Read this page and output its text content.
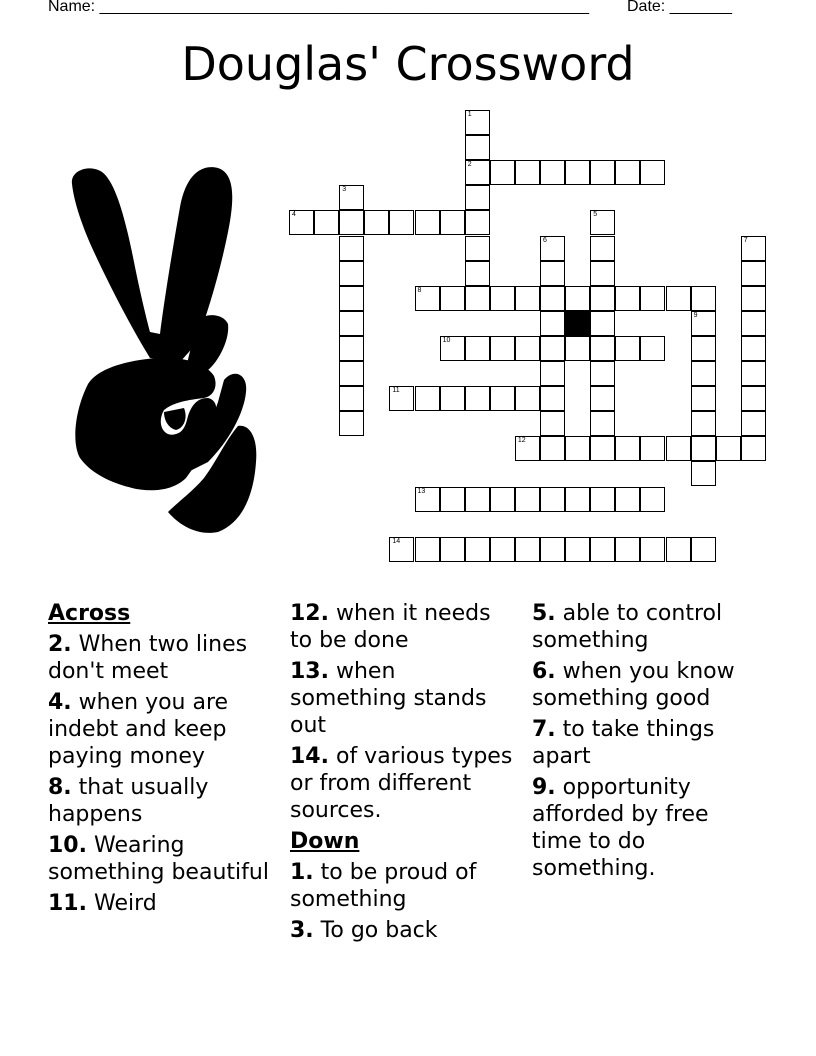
Name: _______________________________________________________ Date: _______
Douglas' Crossword
1
2
3
4	5
6	7
8
9
10
11
12
13
14
Across
2. When two lines don't meet
4. when you are indebt and keep paying money
8. that usually happens
10. Wearing something beautiful
11. Weird
12. when it needs to be done
13. when something stands out
14. of various types or from different sources.
Down
1. to be proud of something
3. To go back
5. able to control something
6. when you know something good
7. to take things apart
9. opportunity afforded by free time to do something.
